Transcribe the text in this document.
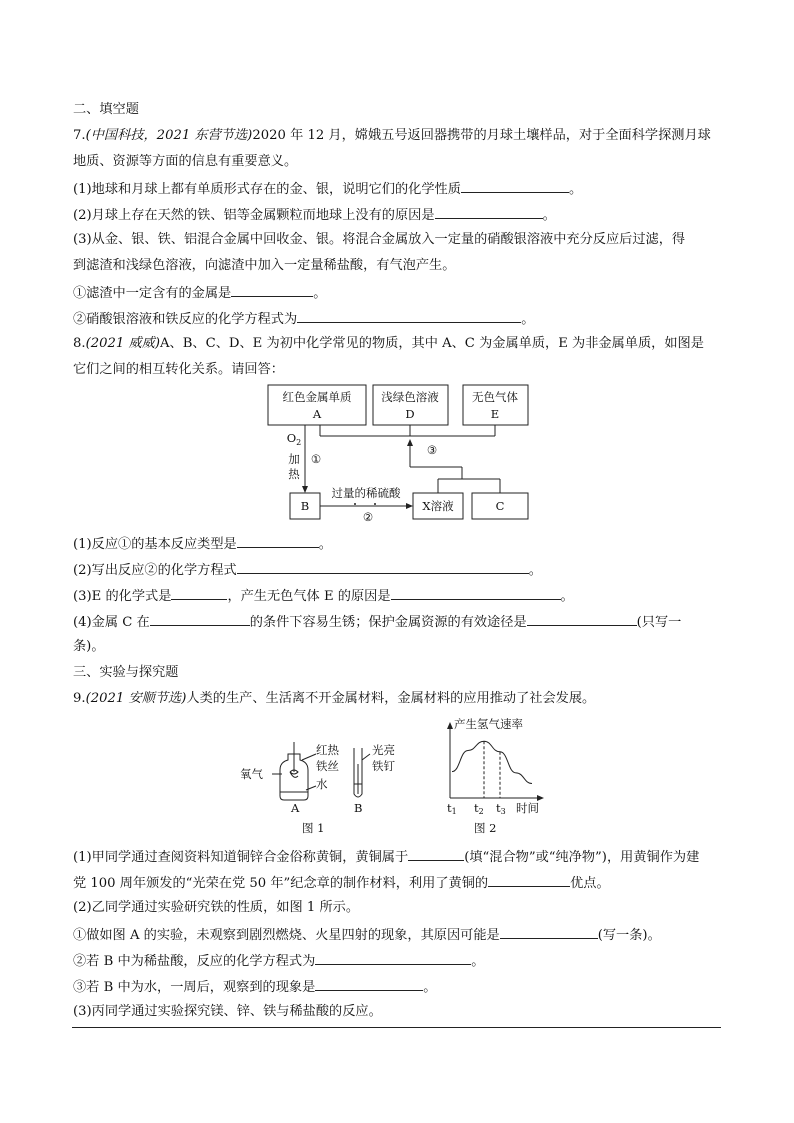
二、填空题
7.(中国科技，2021 东营节选)2020 年 12 月，嫦娥五号返回器携带的月球土壤样品，对于全面科学探测月球
地质、资源等方面的信息有重要意义。
(1)地球和月球上都有单质形式存在的金、银，说明它们的化学性质	。
(2)月球上存在天然的铁、铝等金属颗粒而地球上没有的原因是	。
(3)从金、银、铁、铝混合金属中回收金、银。将混合金属放入一定量的硝酸银溶液中充分反应后过滤，得
到滤渣和浅绿色溶液，向滤渣中加入一定量稀盐酸，有气泡产生。
①滤渣中一定含有的金属是	。
②硝酸银溶液和铁反应的化学方程式为	。
8.(2021 威威)A、B、C、D、E 为初中化学常见的物质，其中 A、C 为金属单质，E 为非金属单质，如图是
它们之间的相互转化关系。请回答：
红色金属单质
A
浅绿色溶液
D
无色气体
E
B	X溶液	C
$O_2$
加
热
①
③
②
过量的稀硫酸
(1)反应①的基本反应类型是	。
(2)写出反应②的化学方程式	。
(3)E 的化学式是	，产生无色气体 E 的原因是	。
(4)金属 C 在	的条件下容易生锈；保护金属资源的有效途径是	(只写一
条)。
三、实验与探究题
9.(2021 安顺节选)人类的生产、生活离不开金属材料，金属材料的应用推动了社会发展。
氧气
红热
铁丝
水
光亮
铁钉
A	B
图 1
产生氢气速率
t1 t2 t3 时间
图 2
(1)甲同学通过查阅资料知道铜锌合金俗称黄铜，黄铜属于	(填“混合物”或“纯净物”)，用黄铜作为建
党 100 周年颁发的“光荣在党 50 年”纪念章的制作材料，利用了黄铜的	优点。
(2)乙同学通过实验研究铁的性质，如图 1 所示。
①做如图 A 的实验，未观察到剧烈燃烧、火星四射的现象，其原因可能是	(写一条)。
②若 B 中为稀盐酸，反应的化学方程式为	。
③若 B 中为水，一周后，观察到的现象是	。
(3)丙同学通过实验探究镁、锌、铁与稀盐酸的反应。
